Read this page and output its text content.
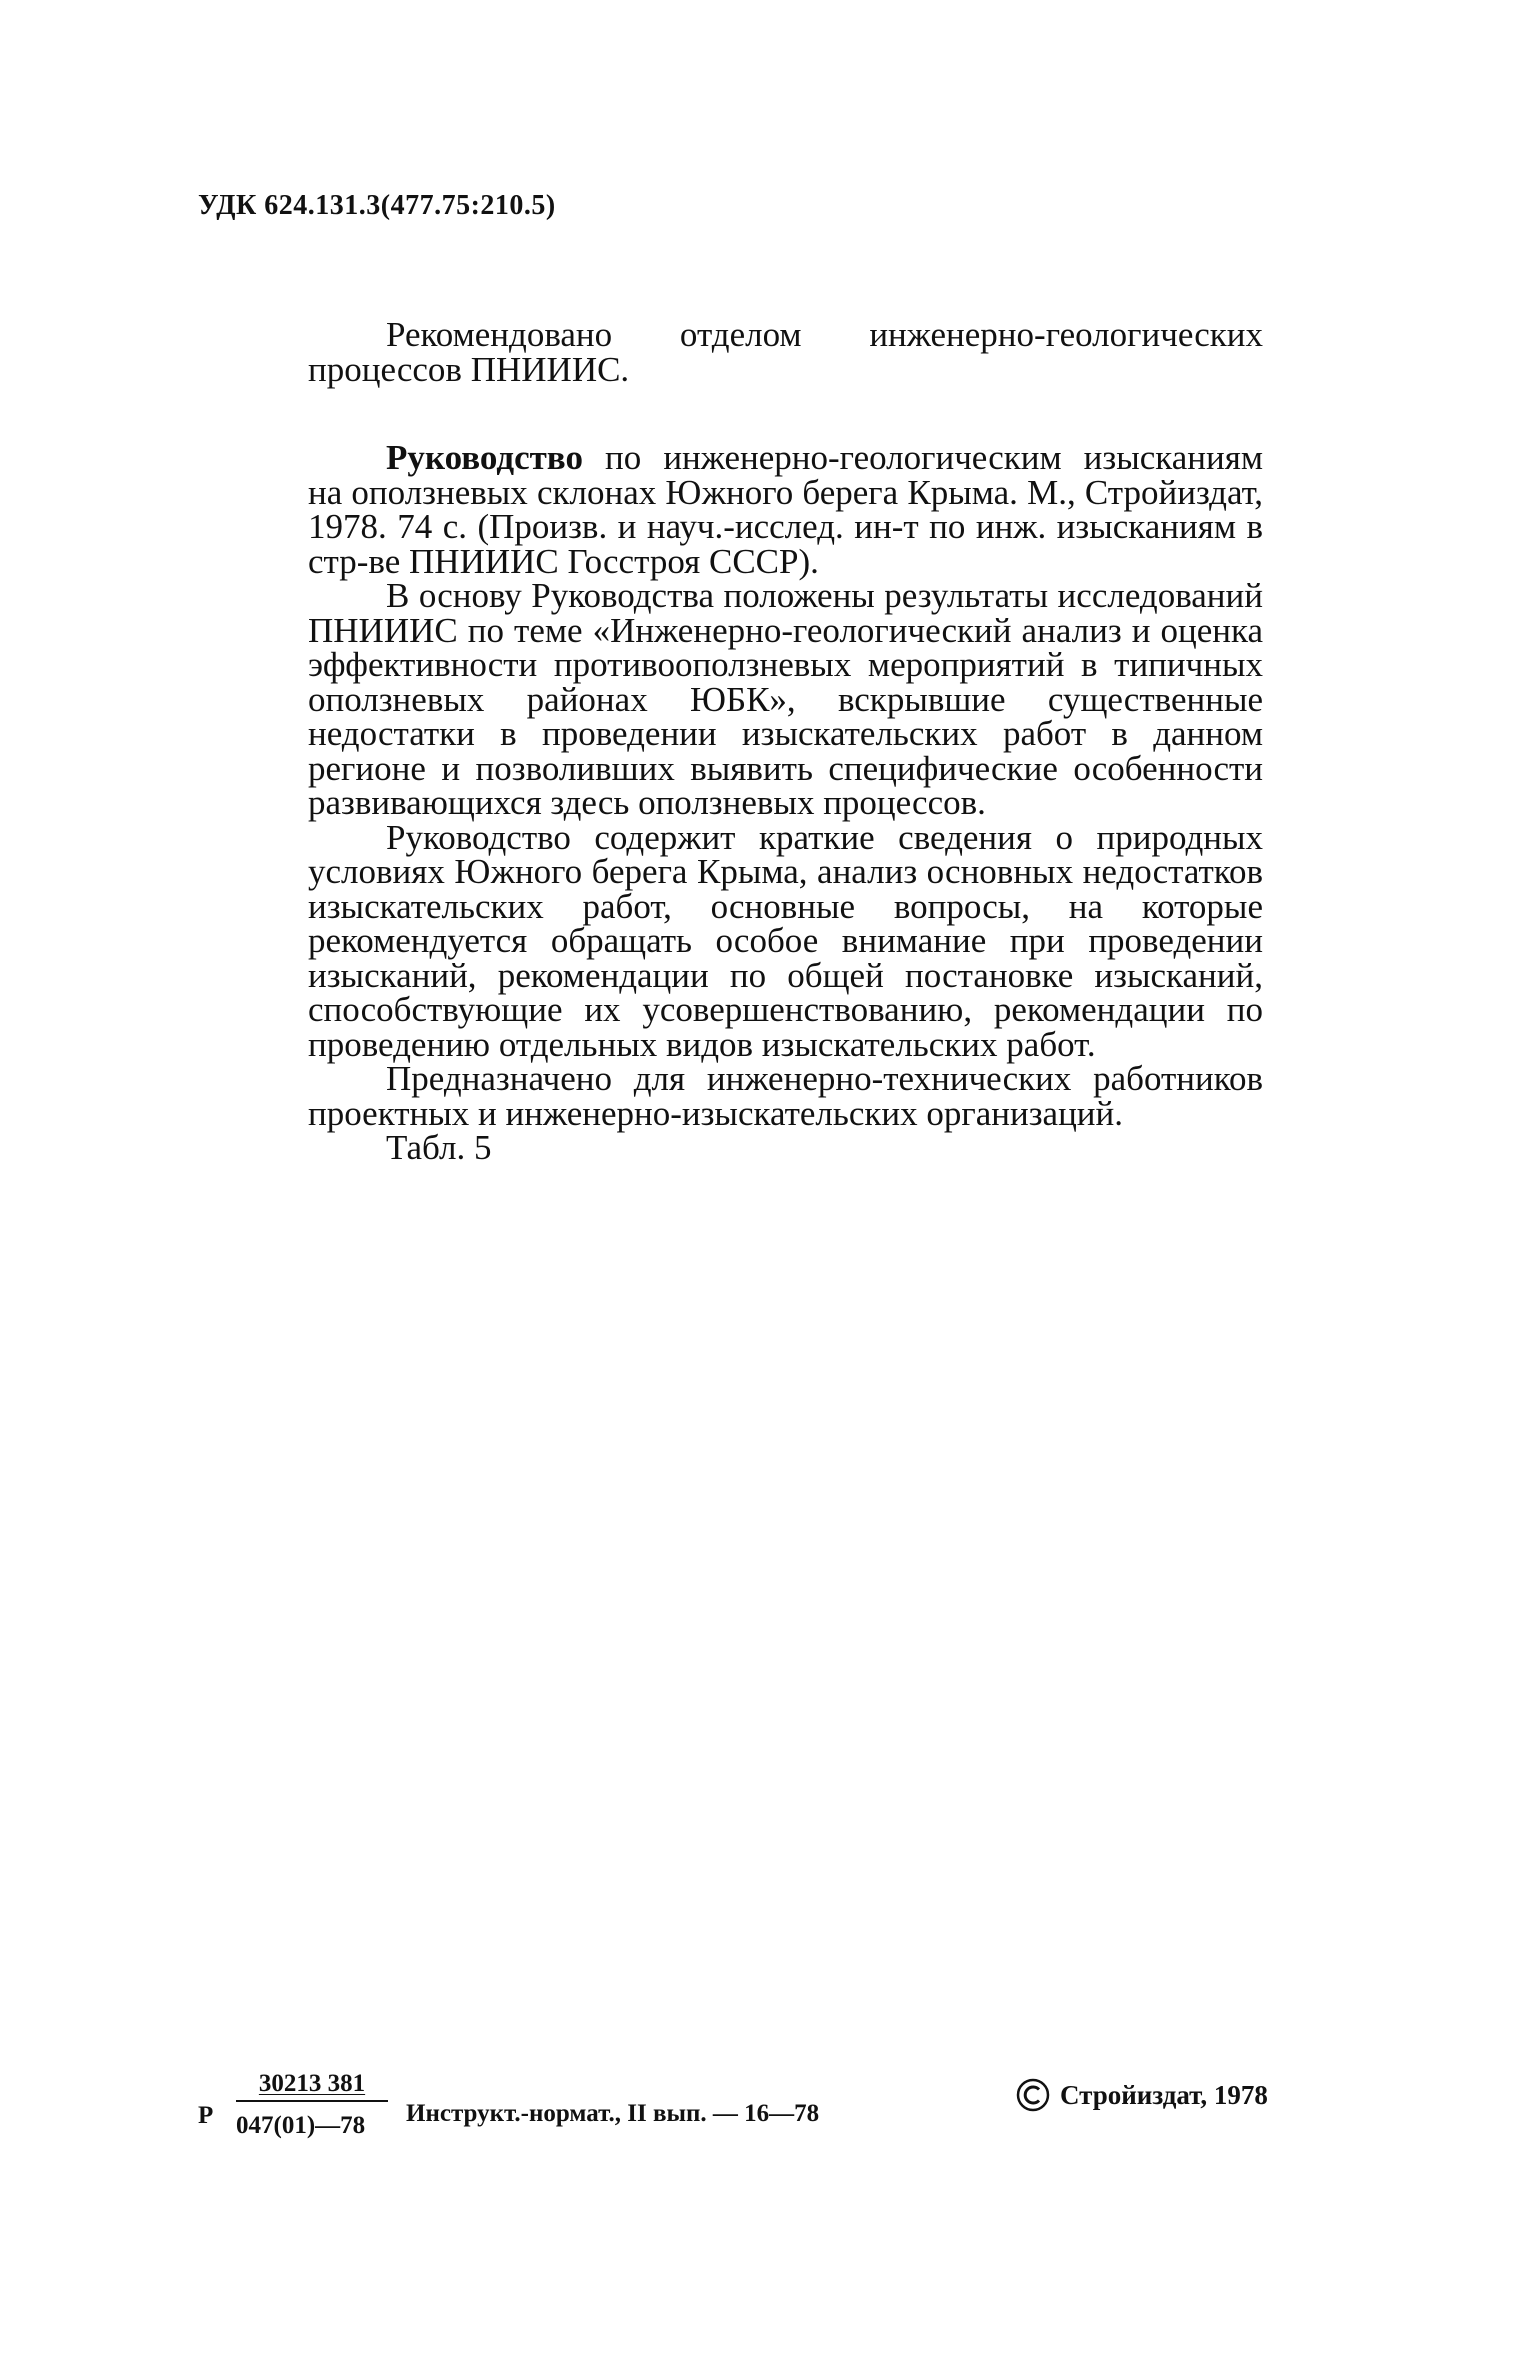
УДК 624.131.3(477.75:210.5)
Рекомендовано отделом инженерно-геологических процессов ПНИИИС.

Руководство по инженерно-геологическим изысканиям на оползневых склонах Южного берега Крыма. М., Стройиздат, 1978. 74 с. (Произв. и науч.-исслед. ин-т по инж. изысканиям в стр-ве ПНИИИС Госстроя СССР).

В основу Руководства положены результаты исследований ПНИИИС по теме «Инженерно-геологический анализ и оценка эффективности противооползневых мероприятий в типичных оползневых районах ЮБК», вскрывшие существенные недостатки в проведении изыскательских работ в данном регионе и позволивших выявить специфические особенности развивающихся здесь оползневых процессов.

Руководство содержит краткие сведения о природных условиях Южного берега Крыма, анализ основных недостатков изыскательских работ, основные вопросы, на которые рекомендуется обращать особое внимание при проведении изысканий, рекомендации по общей постановке изысканий, способствующие их усовершенствованию, рекомендации по проведению отдельных видов изыскательских работ.

Предназначено для инженерно-технических работников проектных и инженерно-изыскательских организаций.

Табл. 5

Р $\frac{30213 381}{047(01)—78}$ Инструкт.-нормат., II вып. — 16—78
Стройиздат, 1978
